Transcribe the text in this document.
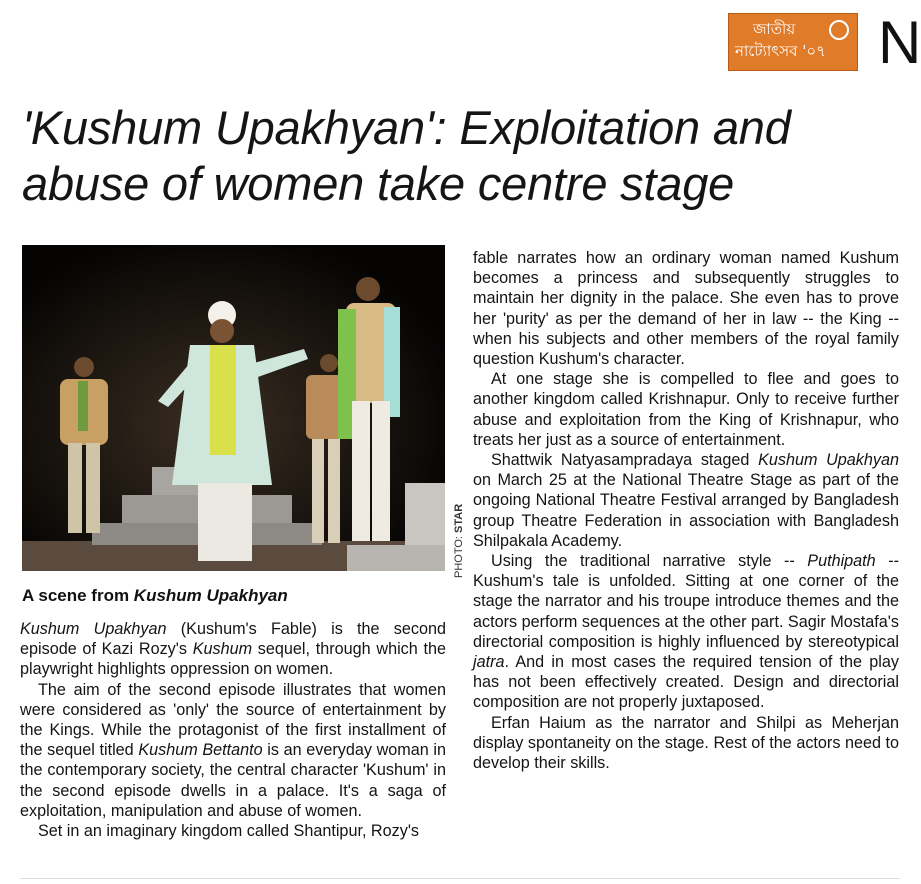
জাতীয়
নাট্যোৎসব '০৭ N
'Kushum Upakhyan': Exploitation and abuse of women take centre stage
PHOTO: STAR
A scene from Kushum Upakhyan

Kushum Upakhyan (Kushum's Fable) is the second episode of Kazi Rozy's Kushum sequel, through which the playwright highlights oppression on women.

The aim of the second episode illustrates that women were considered as 'only' the source of entertainment by the Kings. While the protagonist of the first installment of the sequel titled Kushum Bettanto is an everyday woman in the contemporary society, the central character 'Kushum' in the second episode dwells in a palace. It's a saga of exploitation, manipulation and abuse of women.

Set in an imaginary kingdom called Shantipur, Rozy's

fable narrates how an ordinary woman named Kushum becomes a princess and subsequently struggles to maintain her dignity in the palace. She even has to prove her 'purity' as per the demand of her in law -- the King -- when his subjects and other members of the royal family question Kushum's character.

At one stage she is compelled to flee and goes to another kingdom called Krishnapur. Only to receive further abuse and exploitation from the King of Krishnapur, who treats her just as a source of entertainment.

Shattwik Natyasampradaya staged Kushum Upakhyan on March 25 at the National Theatre Stage as part of the ongoing National Theatre Festival arranged by Bangladesh group Theatre Federation in association with Bangladesh Shilpakala Academy.

Using the traditional narrative style -- Puthipath -- Kushum's tale is unfolded. Sitting at one corner of the stage the narrator and his troupe introduce themes and the actors perform sequences at the other part. Sagir Mostafa's directorial composition is highly influenced by stereotypical jatra. And in most cases the required tension of the play has not been effectively created. Design and directorial composition are not properly juxtaposed.

Erfan Haium as the narrator and Shilpi as Meherjan display spontaneity on the stage. Rest of the actors need to develop their skills.
